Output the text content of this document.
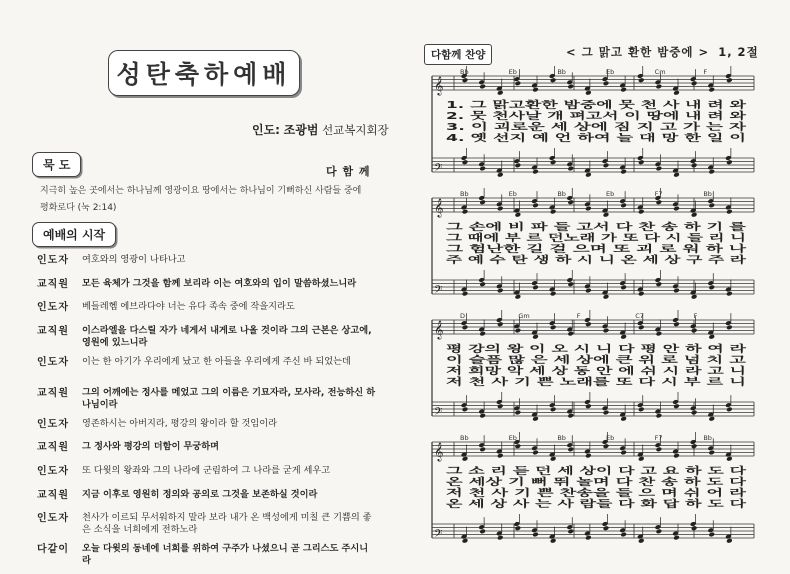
성탄축하예배
인도: 조광범 선교복지회장
묵 도	다 함 께
지극히 높은 곳에서는 하나님께 영광이요 땅에서는 하나님이 기뻐하신 사람들 중에 평화로다 (눅 2:14)
예배의 시작
인도자	여호와의 영광이 나타나고
교직원	모든 육체가 그것을 함께 보리라 이는 여호와의 입이 말씀하셨느니라
인도자	베들레헴 에브라다야 너는 유다 족속 중에 작을지라도
교직원	이스라엘을 다스릴 자가 네게서 내게로 나올 것이라 그의 근본은 상고에, 영원에 있느니라
인도자	이는 한 아기가 우리에게 났고 한 아들을 우리에게 주신 바 되었는데
교직원	그의 어깨에는 정사를 메었고 그의 이름은 기묘자라, 모사라, 전능하신 하나님이라
인도자	영존하시는 아버지라, 평강의 왕이라 할 것임이라
교직원	그 정사와 평강의 더함이 무궁하며
인도자	또 다윗의 왕좌와 그의 나라에 군림하여 그 나라를 굳게 세우고
교직원	지금 이후로 영원히 정의와 공의로 그것을 보존하실 것이라
인도자	천사가 이르되 무서워하지 말라 보라 내가 온 백성에게 미칠 큰 기쁨의 좋은 소식을 너희에게 전하노라
다같이	오늘 다윗의 동네에 너희를 위하여 구주가 나셨으니 곧 그리스도 주시니라
다함께 찬양	< 그 맑고 환한 밤중에 > 1, 2절
𝄞
𝄢
Bb	Eb	Bb	Eb	Cm	F
1. 그 맑고환한 밤중에 뭇 천 사 내 려 와
2. 뭇 천사날 개 펴고서 이 땅에 내 려 와
3. 이 괴로운 세 상에 짐 지 고 가 는 자
4. 옛 선지 예 언 하여 늘 대 망 한 일 이
𝄞
𝄢
Bb	Eb	Bb	Eb	F7	Bb
그 손에 비 파 들 고서 다 찬 송 하 기 를
그 때에 부 르 던노래 가 또 다 시 들 리 니
그 험난한 길 걸 으며 또 괴 로 워 하 나
주 예 수 탄 생 하 시 니 온 세 상 구 주 라
𝄞
𝄢
D	Gm	F	C7	F
평 강의 왕 이 오 시 니 다 평 안 하 여 라
이 슬픔 많 은 세 상에 큰 위 로 넘 치 고
저 희망 악 세 상 동 안 에 쉬 시 라 고 니
저 천 사 기 쁜 노래를 또 다 시 부 르 니
𝄞
𝄢
Bb	Eb	Bb	Eb	F7	Bb
그 소 리 듣 던 세 상이 다 고 요 하 도 다
온 세상 기 뻐 뛰 놀며 다 찬 송 하 도 다
저 천 사 기 쁜 찬송을 들 으 며 쉬 어 라
온 세 상 사 는 사 람들 다 화 답 하 도 다
